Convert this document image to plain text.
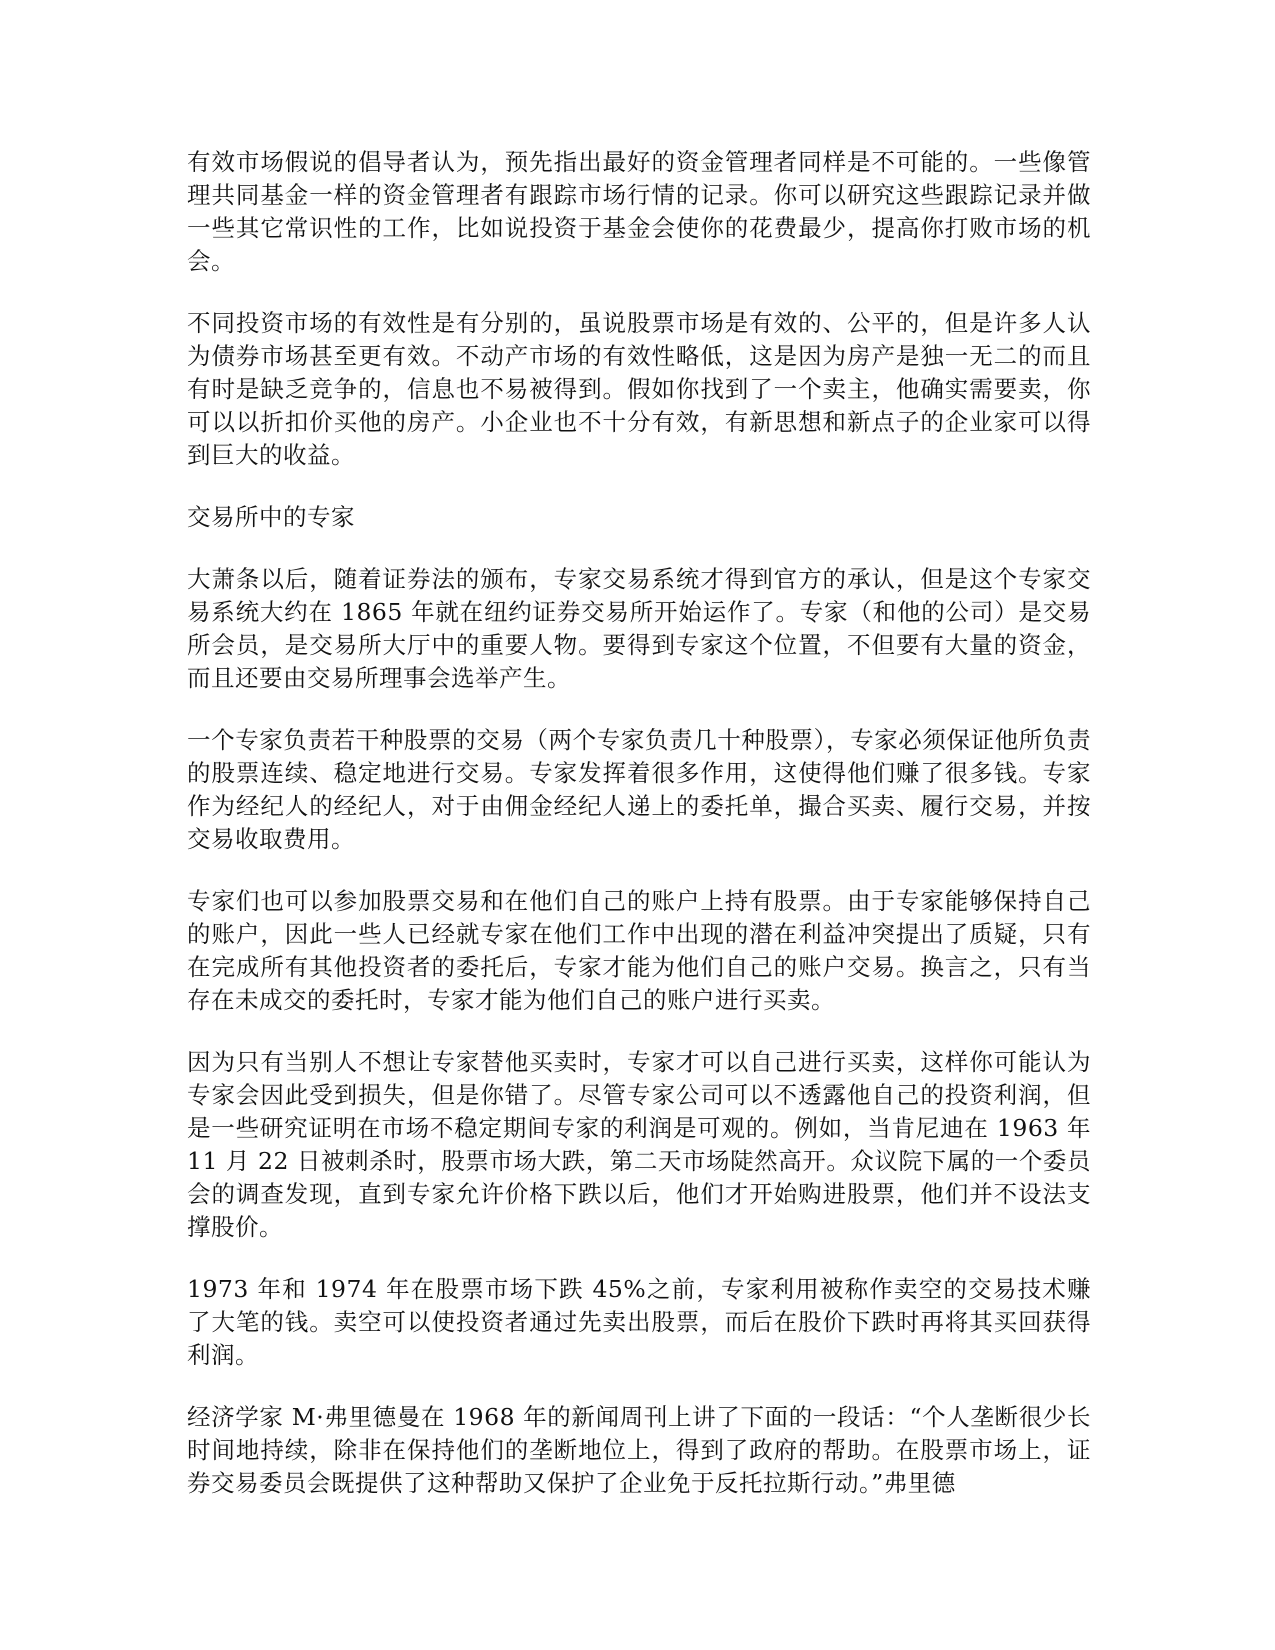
有效市场假说的倡导者认为，预先指出最好的资金管理者同样是不可能的。一些像管理共同基金一样的资金管理者有跟踪市场行情的记录。你可以研究这些跟踪记录并做一些其它常识性的工作，比如说投资于基金会使你的花费最少，提高你打败市场的机会。

不同投资市场的有效性是有分别的，虽说股票市场是有效的、公平的，但是许多人认为债券市场甚至更有效。不动产市场的有效性略低，这是因为房产是独一无二的而且有时是缺乏竞争的，信息也不易被得到。假如你找到了一个卖主，他确实需要卖，你可以以折扣价买他的房产。小企业也不十分有效，有新思想和新点子的企业家可以得到巨大的收益。

交易所中的专家

大萧条以后，随着证券法的颁布，专家交易系统才得到官方的承认，但是这个专家交易系统大约在 1865 年就在纽约证券交易所开始运作了。专家（和他的公司）是交易所会员，是交易所大厅中的重要人物。要得到专家这个位置，不但要有大量的资金，而且还要由交易所理事会选举产生。

一个专家负责若干种股票的交易（两个专家负责几十种股票），专家必须保证他所负责的股票连续、稳定地进行交易。专家发挥着很多作用，这使得他们赚了很多钱。专家作为经纪人的经纪人，对于由佣金经纪人递上的委托单，撮合买卖、履行交易，并按交易收取费用。

专家们也可以参加股票交易和在他们自己的账户上持有股票。由于专家能够保持自己的账户，因此一些人已经就专家在他们工作中出现的潜在利益冲突提出了质疑，只有在完成所有其他投资者的委托后，专家才能为他们自己的账户交易。换言之，只有当存在未成交的委托时，专家才能为他们自己的账户进行买卖。

因为只有当别人不想让专家替他买卖时，专家才可以自己进行买卖，这样你可能认为专家会因此受到损失，但是你错了。尽管专家公司可以不透露他自己的投资利润，但是一些研究证明在市场不稳定期间专家的利润是可观的。例如，当肯尼迪在 1963 年 11 月 22 日被刺杀时，股票市场大跌，第二天市场陡然高开。众议院下属的一个委员会的调查发现，直到专家允许价格下跌以后，他们才开始购进股票，他们并不设法支撑股价。

1973 年和 1974 年在股票市场下跌 45%之前，专家利用被称作卖空的交易技术赚了大笔的钱。卖空可以使投资者通过先卖出股票，而后在股价下跌时再将其买回获得利润。

经济学家 M·弗里德曼在 1968 年的新闻周刊上讲了下面的一段话：“个人垄断很少长时间地持续，除非在保持他们的垄断地位上，得到了政府的帮助。在股票市场上，证券交易委员会既提供了这种帮助又保护了企业免于反托拉斯行动。”弗里德
